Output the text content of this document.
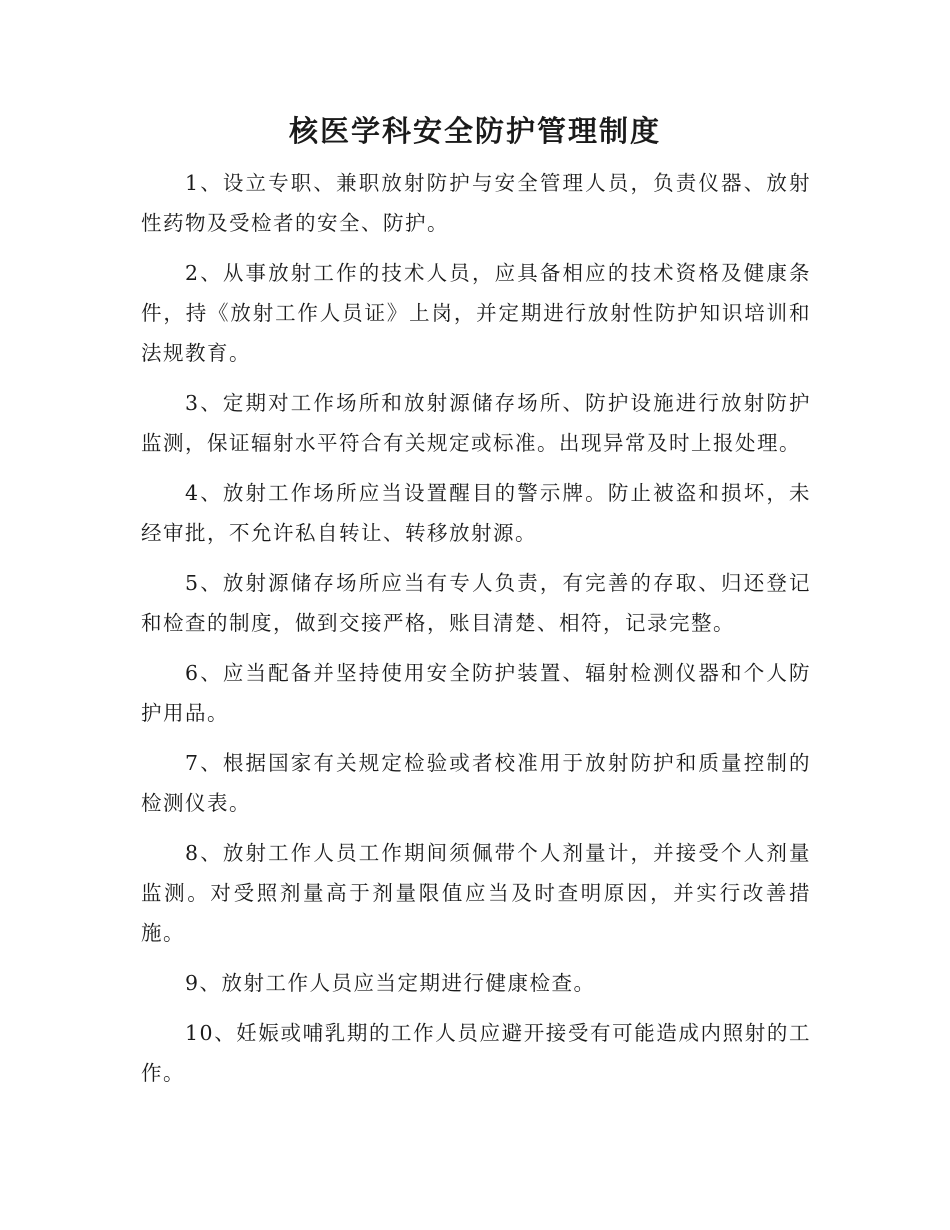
核医学科安全防护管理制度
1、设立专职、兼职放射防护与安全管理人员，负责仪器、放射性药物及受检者的安全、防护。
2、从事放射工作的技术人员，应具备相应的技术资格及健康条件，持《放射工作人员证》上岗，并定期进行放射性防护知识培训和法规教育。
3、定期对工作场所和放射源储存场所、防护设施进行放射防护监测，保证辐射水平符合有关规定或标准。出现异常及时上报处理。
4、放射工作场所应当设置醒目的警示牌。防止被盗和损坏，未经审批，不允许私自转让、转移放射源。
5、放射源储存场所应当有专人负责，有完善的存取、归还登记和检查的制度，做到交接严格，账目清楚、相符，记录完整。
6、应当配备并坚持使用安全防护装置、辐射检测仪器和个人防护用品。
7、根据国家有关规定检验或者校准用于放射防护和质量控制的检测仪表。
8、放射工作人员工作期间须佩带个人剂量计，并接受个人剂量监测。对受照剂量高于剂量限值应当及时查明原因，并实行改善措施。
9、放射工作人员应当定期进行健康检查。
10、妊娠或哺乳期的工作人员应避开接受有可能造成内照射的工作。
